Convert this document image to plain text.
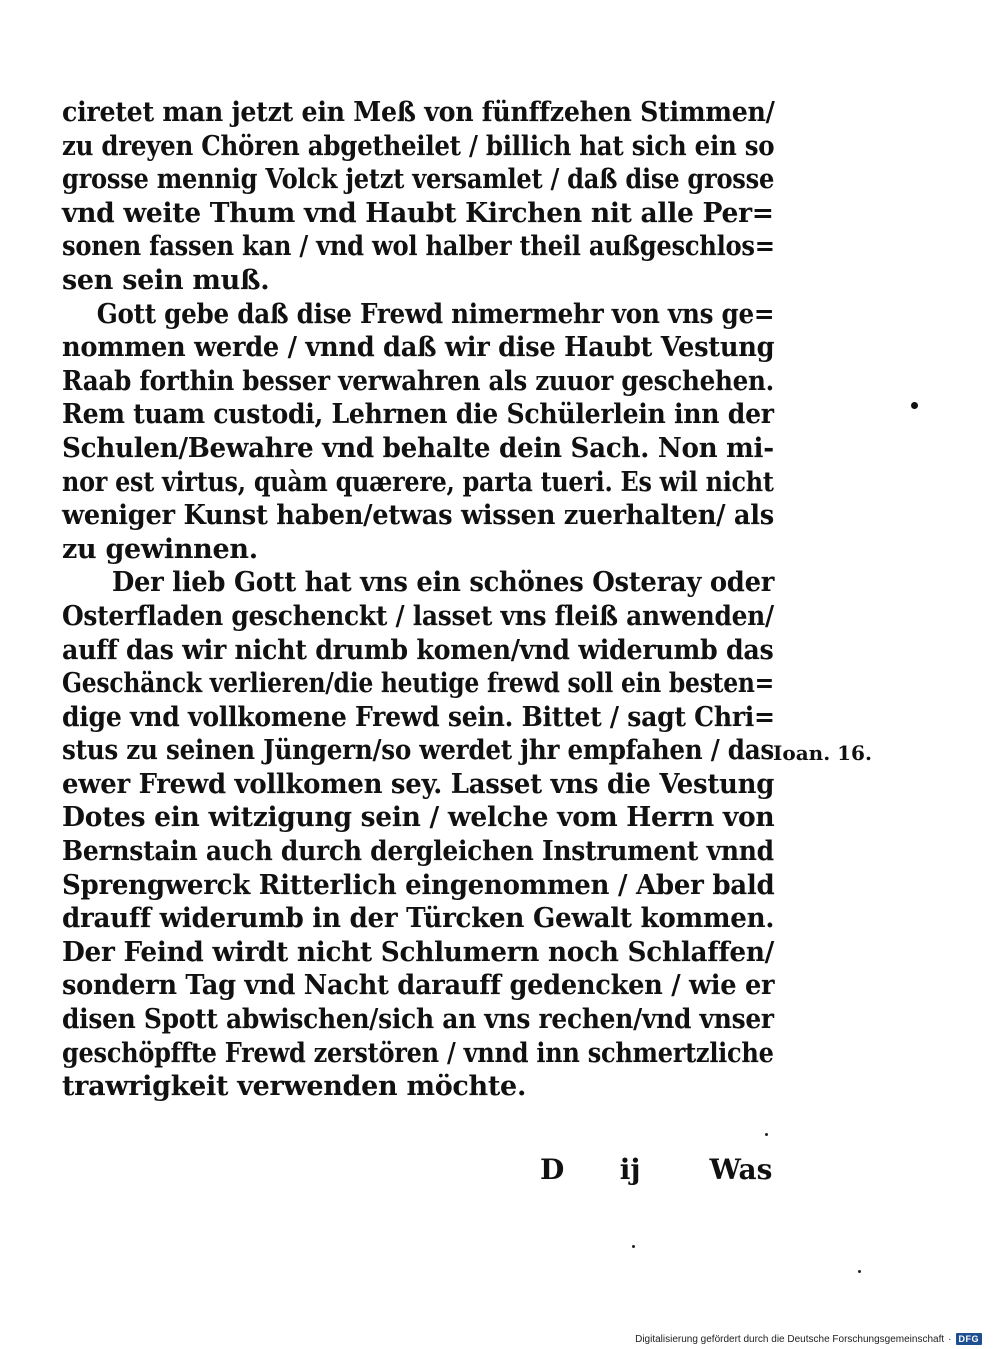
ciretet man jetzt ein Meß von fünffzehen Stimmen/
zu dreyen Chören abgetheilet / billich hat sich ein so
grosse mennig Volck jetzt versamlet / daß dise grosse
vnd weite Thum vnd Haubt Kirchen nit alle Per=
sonen fassen kan / vnd wol halber theil außgeschlos=
sen sein muß.
Gott gebe daß dise Frewd nimermehr von vns ge=
nommen werde / vnnd daß wir dise Haubt Vestung
Raab forthin besser verwahren als zuuor geschehen.
Rem tuam custodi, Lehrnen die Schülerlein inn der
Schulen/Bewahre vnd behalte dein Sach. Non mi-
nor est virtus, quàm quærere, parta tueri. Es wil nicht
weniger Kunst haben/etwas wissen zuerhalten/ als
zu gewinnen.
Der lieb Gott hat vns ein schönes Osteray oder
Osterfladen geschenckt / lasset vns fleiß anwenden/
auff das wir nicht drumb komen/vnd widerumb das
Geschänck verlieren/die heutige frewd soll ein besten=
dige vnd vollkomene Frewd sein. Bittet / sagt Chri=
stus zu seinen Jüngern/so werdet jhr empfahen / das
ewer Frewd vollkomen sey. Lasset vns die Vestung
Dotes ein witzigung sein / welche vom Herrn von
Bernstain auch durch dergleichen Instrument vnnd
Sprengwerck Ritterlich eingenommen / Aber bald
drauff widerumb in der Türcken Gewalt kommen.
Der Feind wirdt nicht Schlumern noch Schlaffen/
sondern Tag vnd Nacht darauff gedencken / wie er
disen Spott abwischen/sich an vns rechen/vnd vnser
geschöpffte Frewd zerstören / vnnd inn schmertzliche
trawrigkeit verwenden möchte.
Ioan. 16.
D ij Was
Digitalisierung gefördert durch die Deutsche Forschungsgemeinschaft · DFG
